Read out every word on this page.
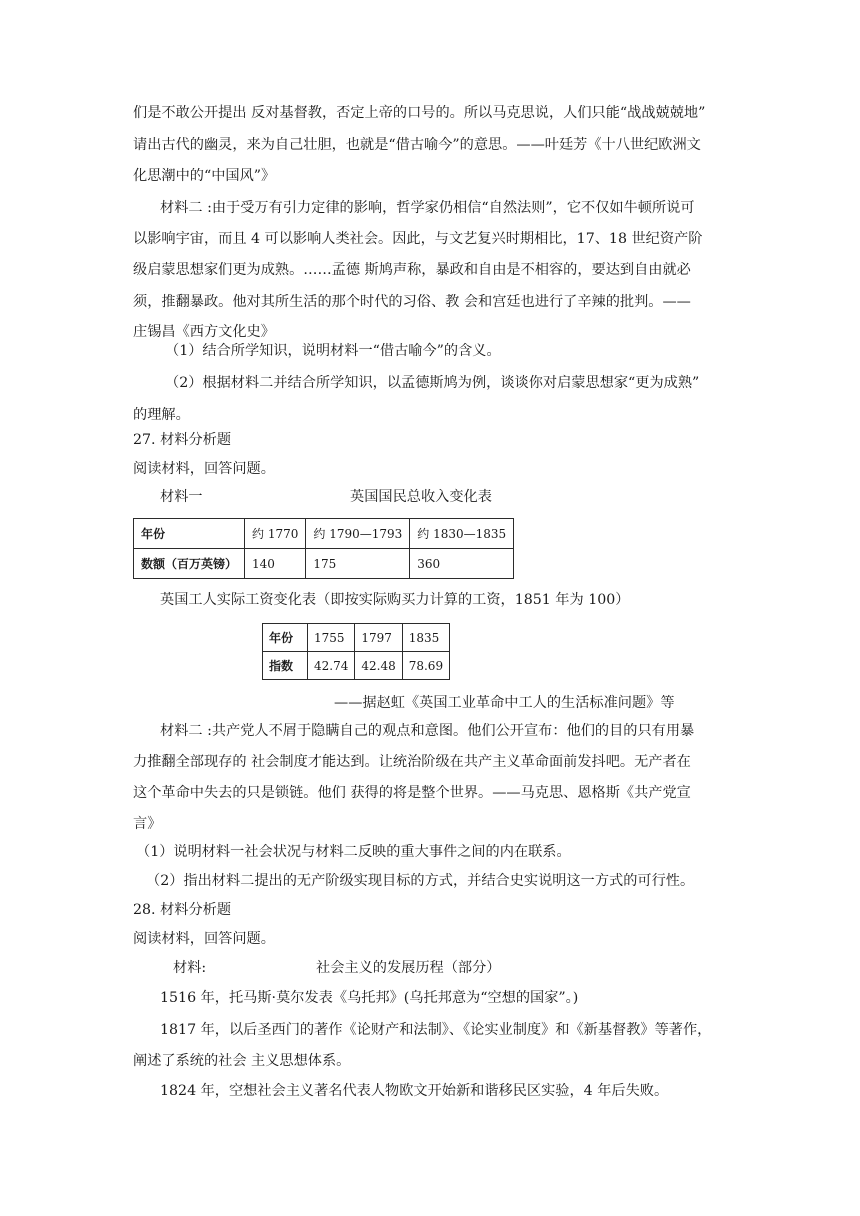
们是不敢公开提出 反对基督教，否定上帝的口号的。所以马克思说，人们只能“战战兢兢地”

请出古代的幽灵，来为自己壮胆，也就是“借古喻今”的意思。——叶廷芳《十八世纪欧洲文

化思潮中的“中国风”》

材料二 :由于受万有引力定律的影响，哲学家仍相信“自然法则”，它不仅如牛顿所说可

以影响宇宙，而且 4 可以影响人类社会。因此，与文艺复兴时期相比，17、18 世纪资产阶

级启蒙思想家们更为成熟。……孟德 斯鸠声称，暴政和自由是不相容的，要达到自由就必

须，推翻暴政。他对其所生活的那个时代的习俗、教 会和宫廷也进行了辛辣的批判。——

庄锡昌《西方文化史》

（1）结合所学知识，说明材料一“借古喻今”的含义。

（2）根据材料二并结合所学知识，以孟德斯鸠为例，谈谈你对启蒙思想家“更为成熟”

的理解。

27. 材料分析题

阅读材料，回答问题。

材料一	英国国民总收入变化表

年份	约 1770	约 1790—1793	约 1830—1835
数额（百万英镑）	140	175	360

英国工人实际工资变化表（即按实际购买力计算的工资，1851 年为 100）

年份	1755	1797	1835
指数	42.74	42.48	78.69

——据赵虹《英国工业革命中工人的生活标准问题》等

材料二 :共产党人不屑于隐瞒自己的观点和意图。他们公开宣布：他们的目的只有用暴

力推翻全部现存的 社会制度才能达到。让统治阶级在共产主义革命面前发抖吧。无产者在

这个革命中失去的只是锁链。他们 获得的将是整个世界。——马克思、恩格斯《共产党宣

言》

（1）说明材料一社会状况与材料二反映的重大事件之间的内在联系。

（2）指出材料二提出的无产阶级实现目标的方式，并结合史实说明这一方式的可行性。

28. 材料分析题

阅读材料，回答问题。

材料:	社会主义的发展历程（部分）

1516 年，托马斯·莫尔发表《乌托邦》(乌托邦意为“空想的国家”。)

1817 年，以后圣西门的著作《论财产和法制》、《论实业制度》和《新基督教》等著作，

阐述了系统的社会 主义思想体系。

1824 年，空想社会主义著名代表人物欧文开始新和谐移民区实验，4 年后失败。
